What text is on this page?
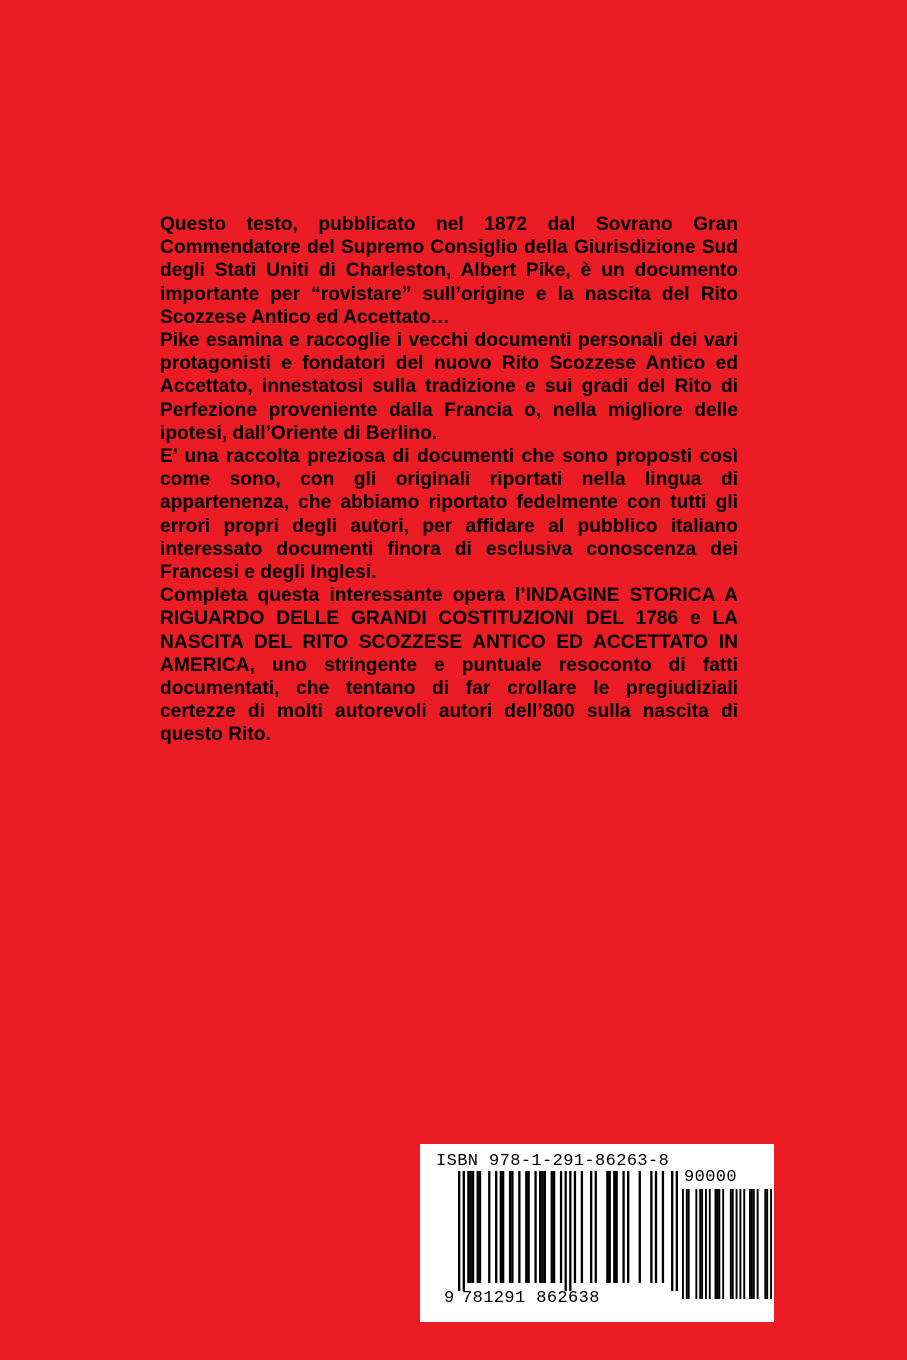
Questo testo, pubblicato nel 1872 dal Sovrano Gran Commendatore del Supremo Consiglio della Giurisdizione Sud degli Stati Uniti di Charleston, Albert Pike, è un documento importante per “rovistare” sull’origine e la nascita del Rito Scozzese Antico ed Accettato…

Pike esamina e raccoglie i vecchi documenti personali dei vari protagonisti e fondatori del nuovo Rito Scozzese Antico ed Accettato, innestatosi sulla tradizione e sui gradi del Rito di Perfezione proveniente dalla Francia o, nella migliore delle ipotesi, dall’Oriente di Berlino.

E’ una raccolta preziosa di documenti che sono proposti così come sono, con gli originali riportati nella lingua di appartenenza, che abbiamo riportato fedelmente con tutti gli errori propri degli autori, per affidare al pubblico italiano interessato documenti finora di esclusiva conoscenza dei Francesi e degli Inglesi.

Completa questa interessante opera l’INDAGINE STORICA A RIGUARDO DELLE GRANDI COSTITUZIONI DEL 1786 e LA NASCITA DEL RITO SCOZZESE ANTICO ED ACCETTATO IN AMERICA, uno stringente e puntuale resoconto di fatti documentati, che tentano di far crollare le pregiudiziali certezze di molti autorevoli autori dell’800 sulla nascita di questo Rito.

ISBN 978-1-291-86263-8
90000
9 781291 862638
